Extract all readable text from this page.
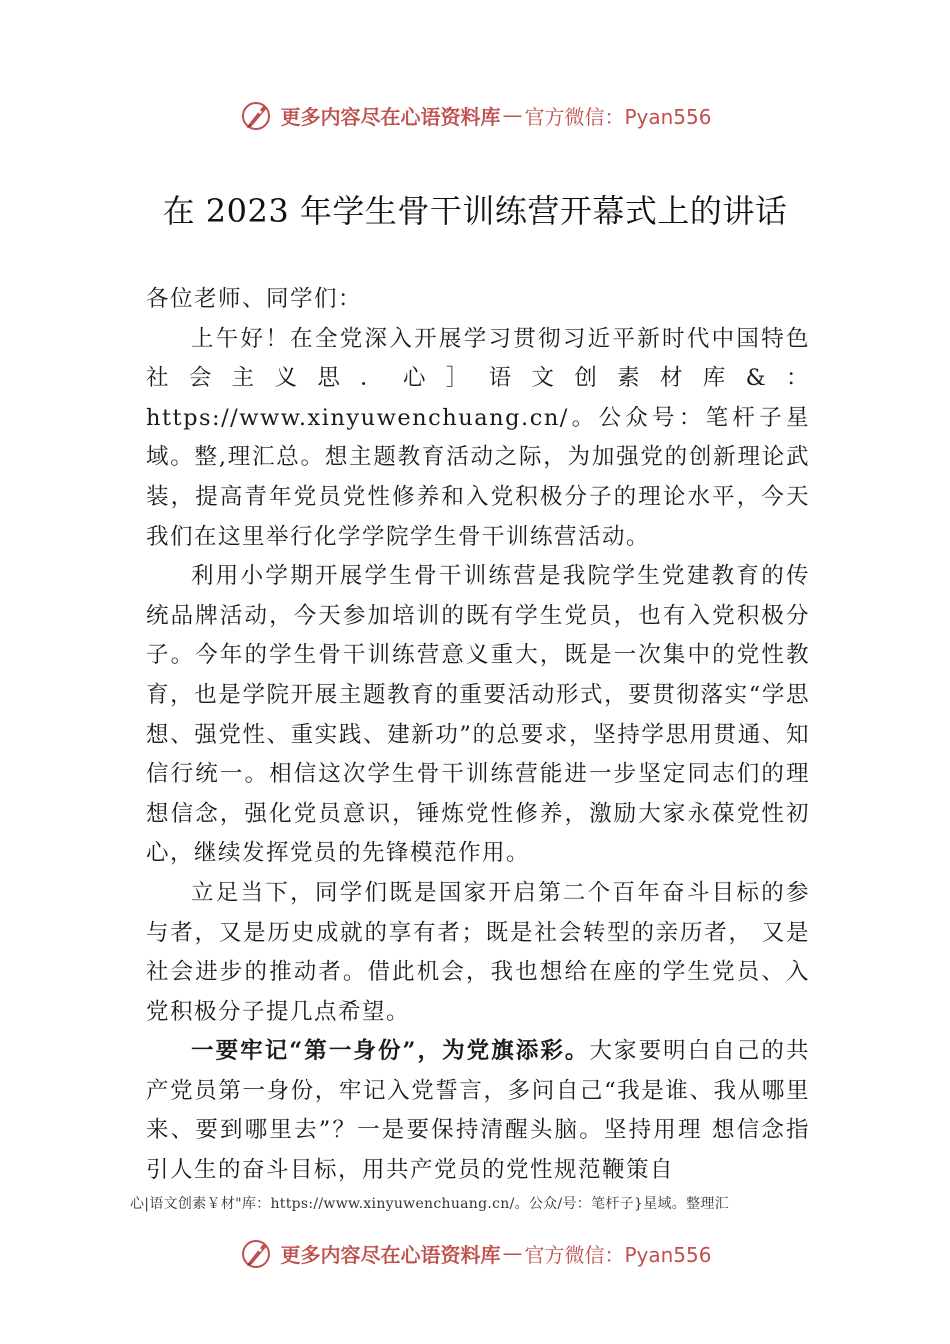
更多内容尽在心语资料库 — 官方微信：Pyan556
在 2023 年学生骨干训练营开幕式上的讲话

各位老师、同学们：

上午好！在全党深入开展学习贯彻习近平新时代中国特色社会主义思．心］语文创素材库&：https://www.xinyuwenchuang.cn/。公众号：笔杆子星域。整,理汇总。想主题教育活动之际，为加强党的创新理论武装，提高青年党员党性修养和入党积极分子的理论水平，今天我们在这里举行化学学院学生骨干训练营活动。

利用小学期开展学生骨干训练营是我院学生党建教育的传统品牌活动，今天参加培训的既有学生党员，也有入党积极分子。今年的学生骨干训练营意义重大，既是一次集中的党性教育，也是学院开展主题教育的重要活动形式，要贯彻落实“学思想、强党性、重实践、建新功”的总要求，坚持学思用贯通、知信行统一。相信这次学生骨干训练营能进一步坚定同志们的理想信念，强化党员意识，锤炼党性修养，激励大家永葆党性初心，继续发挥党员的先锋模范作用。

立足当下，同学们既是国家开启第二个百年奋斗目标的参与者，又是历史成就的享有者；既是社会转型的亲历者， 又是社会进步的推动者。借此机会，我也想给在座的学生党员、入党积极分子提几点希望。

一要牢记“第一身份”，为党旗添彩。大家要明白自己的共产党员第一身份，牢记入党誓言，多问自己“我是谁、我从哪里来、要到哪里去”？一是要保持清醒头脑。坚持用理 想信念指引人生的奋斗目标，用共产党员的党性规范鞭策自

心|语文创素￥材"库：https://www.xinyuwenchuang.cn/。公众/号：笔杆子}星域。整理汇
更多内容尽在心语资料库 — 官方微信：Pyan556
